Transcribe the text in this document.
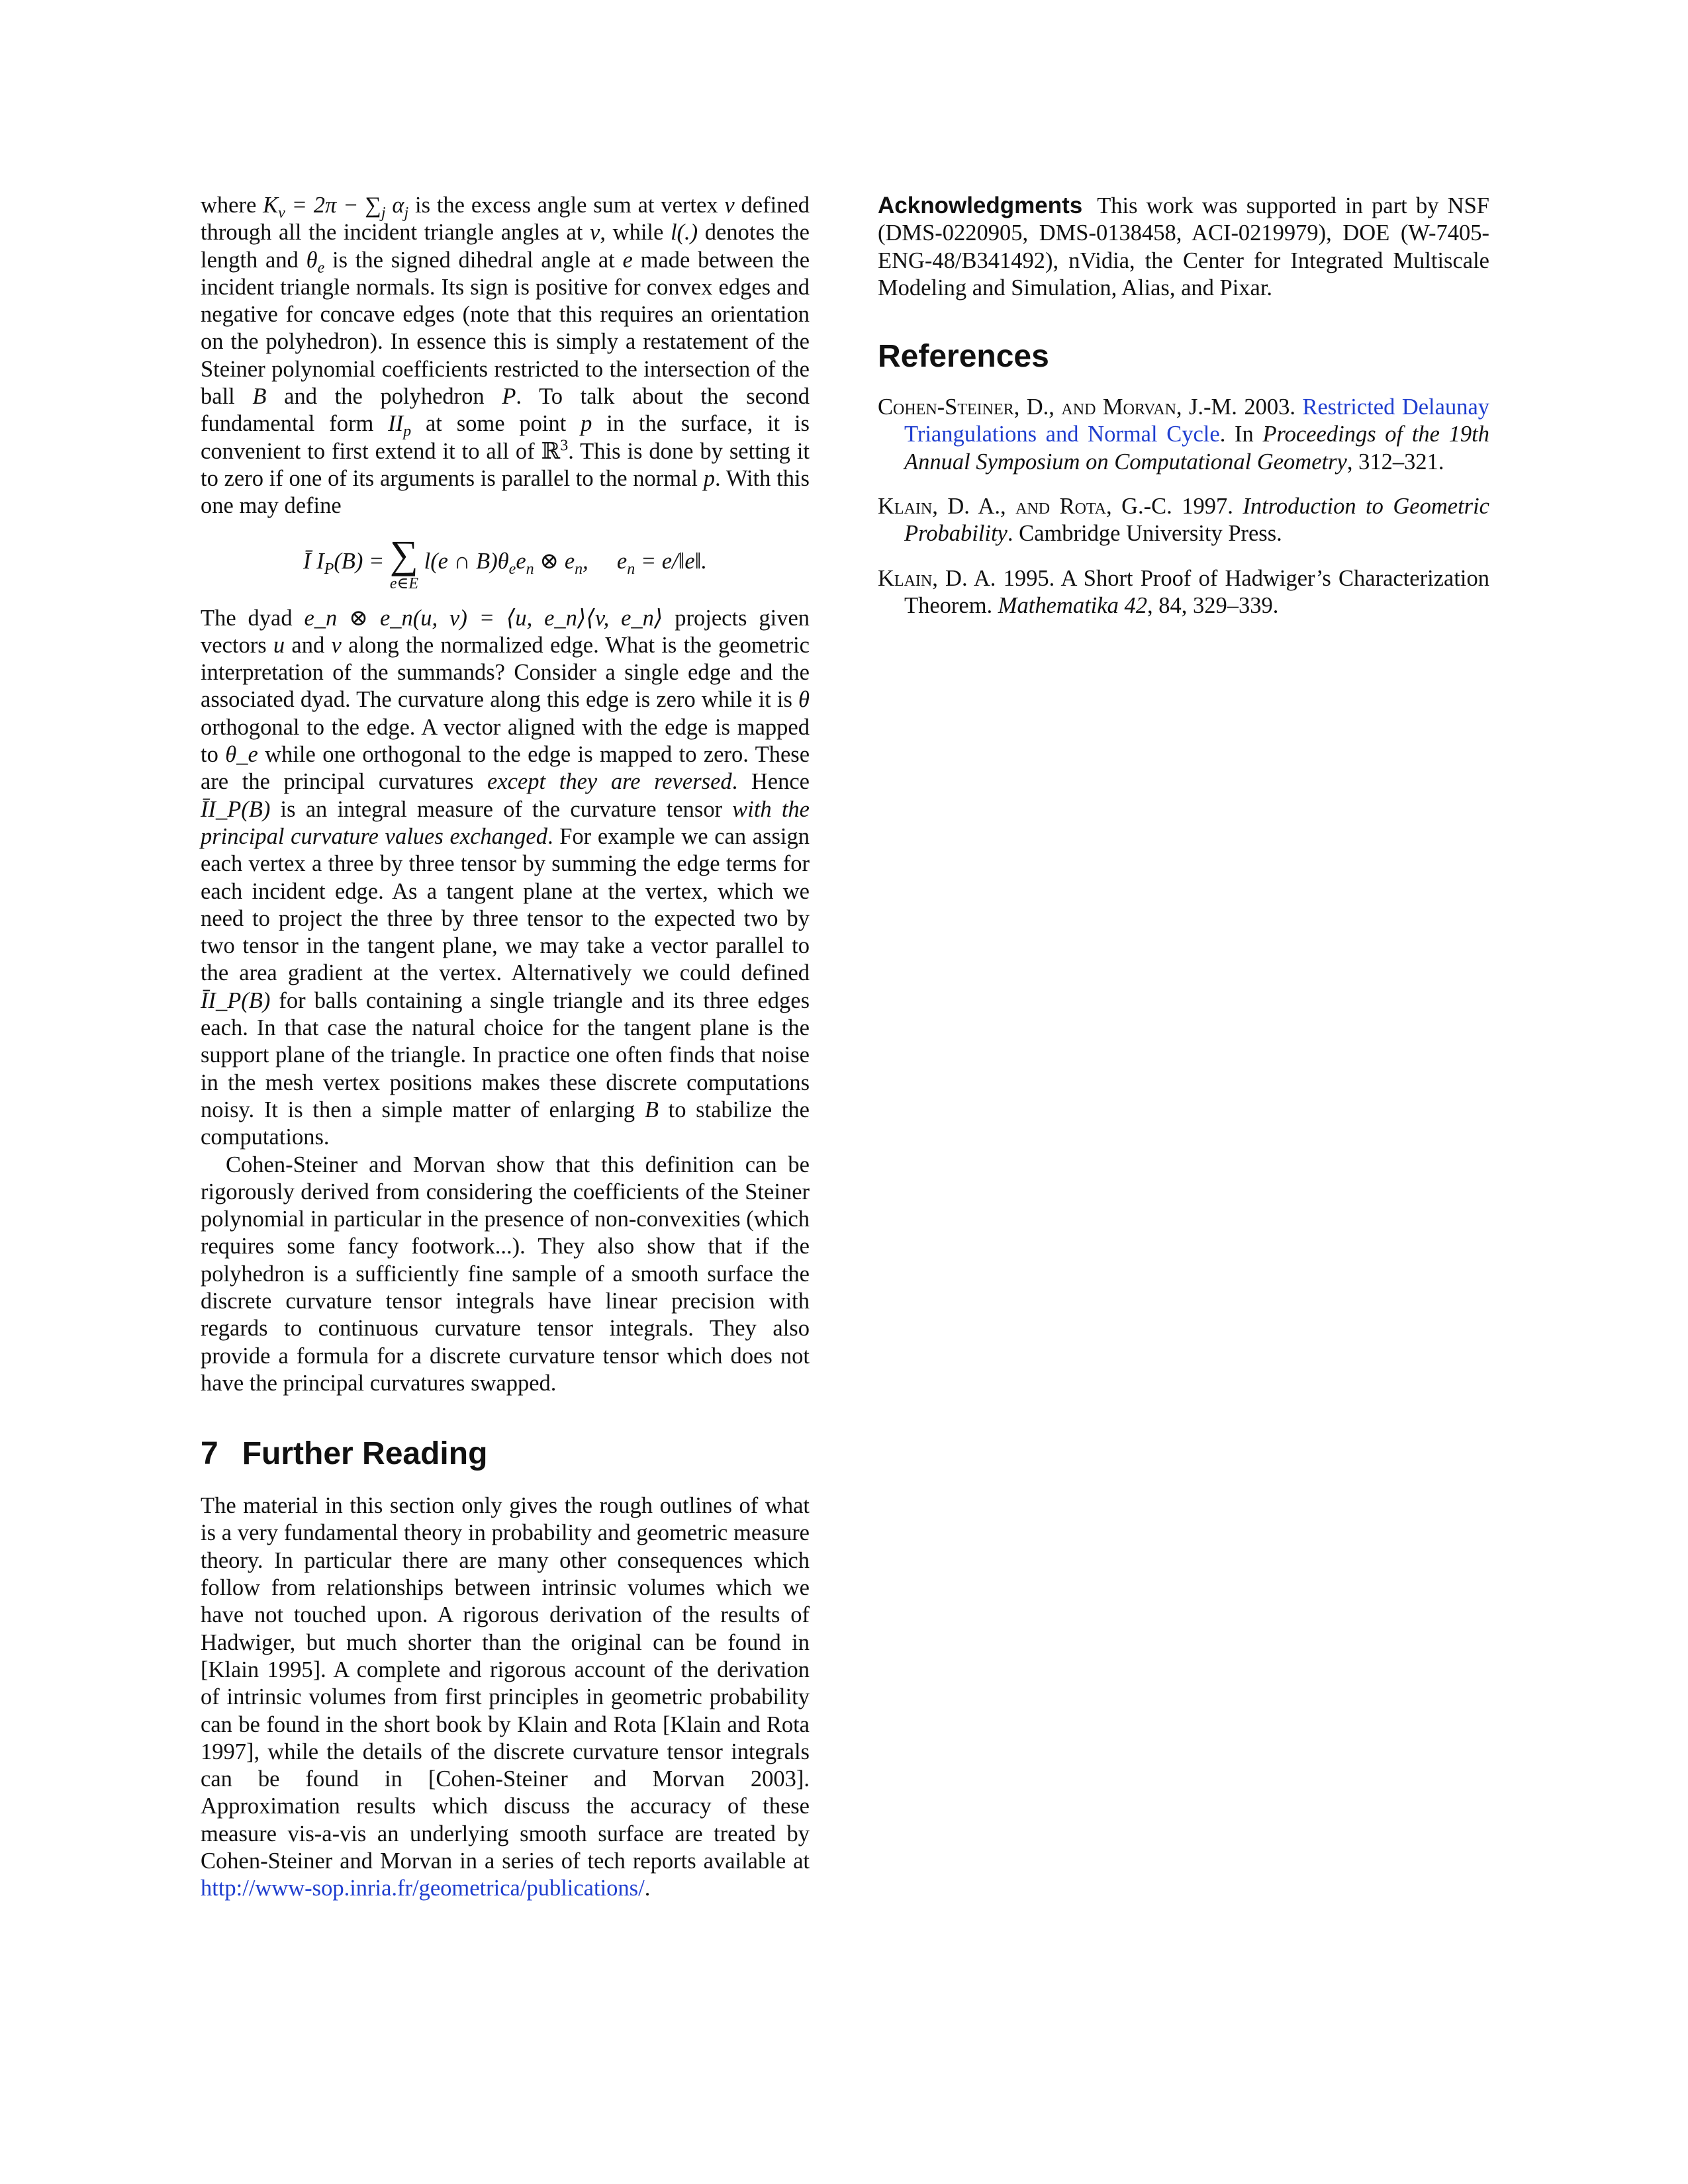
where $K_v = 2\pi - \sum_j$ $\alpha_j$ is the excess angle sum at vertex v defined through all the incident triangle angles at v, while l(.) denotes the length and $\theta_e$ is the signed dihedral angle at e made between the incident triangle normals. Its sign is positive for convex edges and negative for concave edges (note that this requires an orientation on the polyhedron). In essence this is simply a restatement of the Steiner polynomial coefficients restricted to the intersection of the ball B and the polyhedron P. To talk about the second fundamental form $II_p$ at some point p in the surface, it is convenient to first extend it to all of ℝ$^3$. This is done by setting it to zero if one of its arguments is parallel to the normal p. With this one may define

Ī $I_P(B)$ = ∑
e∈E
l(e ∩ $B)\theta_ee_n$ ⊗ $e_n$,     $e_n$ = e/‖e‖.

The dyad e_n ⊗ e_n(u, v) = ⟨u, e_n⟩⟨v, e_n⟩ projects given vectors u and v along the normalized edge. What is the geometric interpretation of the summands? Consider a single edge and the associated dyad. The curvature along this edge is zero while it is θ orthogonal to the edge. A vector aligned with the edge is mapped to θ_e while one orthogonal to the edge is mapped to zero. These are the principal curvatures except they are reversed. Hence ĪI_P(B) is an integral measure of the curvature tensor with the principal curvature values exchanged. For example we can assign each vertex a three by three tensor by summing the edge terms for each incident edge. As a tangent plane at the vertex, which we need to project the three by three tensor to the expected two by two tensor in the tangent plane, we may take a vector parallel to the area gradient at the vertex. Alternatively we could defined ĪI_P(B) for balls containing a single triangle and its three edges each. In that case the natural choice for the tangent plane is the support plane of the triangle. In practice one often finds that noise in the mesh vertex positions makes these discrete computations noisy. It is then a simple matter of enlarging B to stabilize the computations.

Cohen-Steiner and Morvan show that this definition can be rigorously derived from considering the coefficients of the Steiner polynomial in particular in the presence of non-convexities (which requires some fancy footwork...). They also show that if the polyhedron is a sufficiently fine sample of a smooth surface the discrete curvature tensor integrals have linear precision with regards to continuous curvature tensor integrals. They also provide a formula for a discrete curvature tensor which does not have the principal curvatures swapped.

7 Further Reading

The material in this section only gives the rough outlines of what is a very fundamental theory in probability and geometric measure theory. In particular there are many other consequences which follow from relationships between intrinsic volumes which we have not touched upon. A rigorous derivation of the results of Hadwiger, but much shorter than the original can be found in [Klain 1995]. A complete and rigorous account of the derivation of intrinsic volumes from first principles in geometric probability can be found in the short book by Klain and Rota [Klain and Rota 1997], while the details of the discrete curvature tensor integrals can be found in [Cohen-Steiner and Morvan 2003]. Approximation results which discuss the accuracy of these measure vis-a-vis an underlying smooth surface are treated by Cohen-Steiner and Morvan in a series of tech reports available at http://www-sop.inria.fr/geometrica/publications/.

Acknowledgments This work was supported in part by NSF (DMS-0220905, DMS-0138458, ACI-0219979), DOE (W-7405-ENG-48/B341492), nVidia, the Center for Integrated Multiscale Modeling and Simulation, Alias, and Pixar.

References

Cohen-Steiner, D., and Morvan, J.-M. 2003. Restricted Delaunay Triangulations and Normal Cycle. In Proceedings of the 19th Annual Symposium on Computational Geometry, 312–321.

Klain, D. A., and Rota, G.-C. 1997. Introduction to Geometric Probability. Cambridge University Press.

Klain, D. A. 1995. A Short Proof of Hadwiger’s Characterization Theorem. Mathematika 42, 84, 329–339.
